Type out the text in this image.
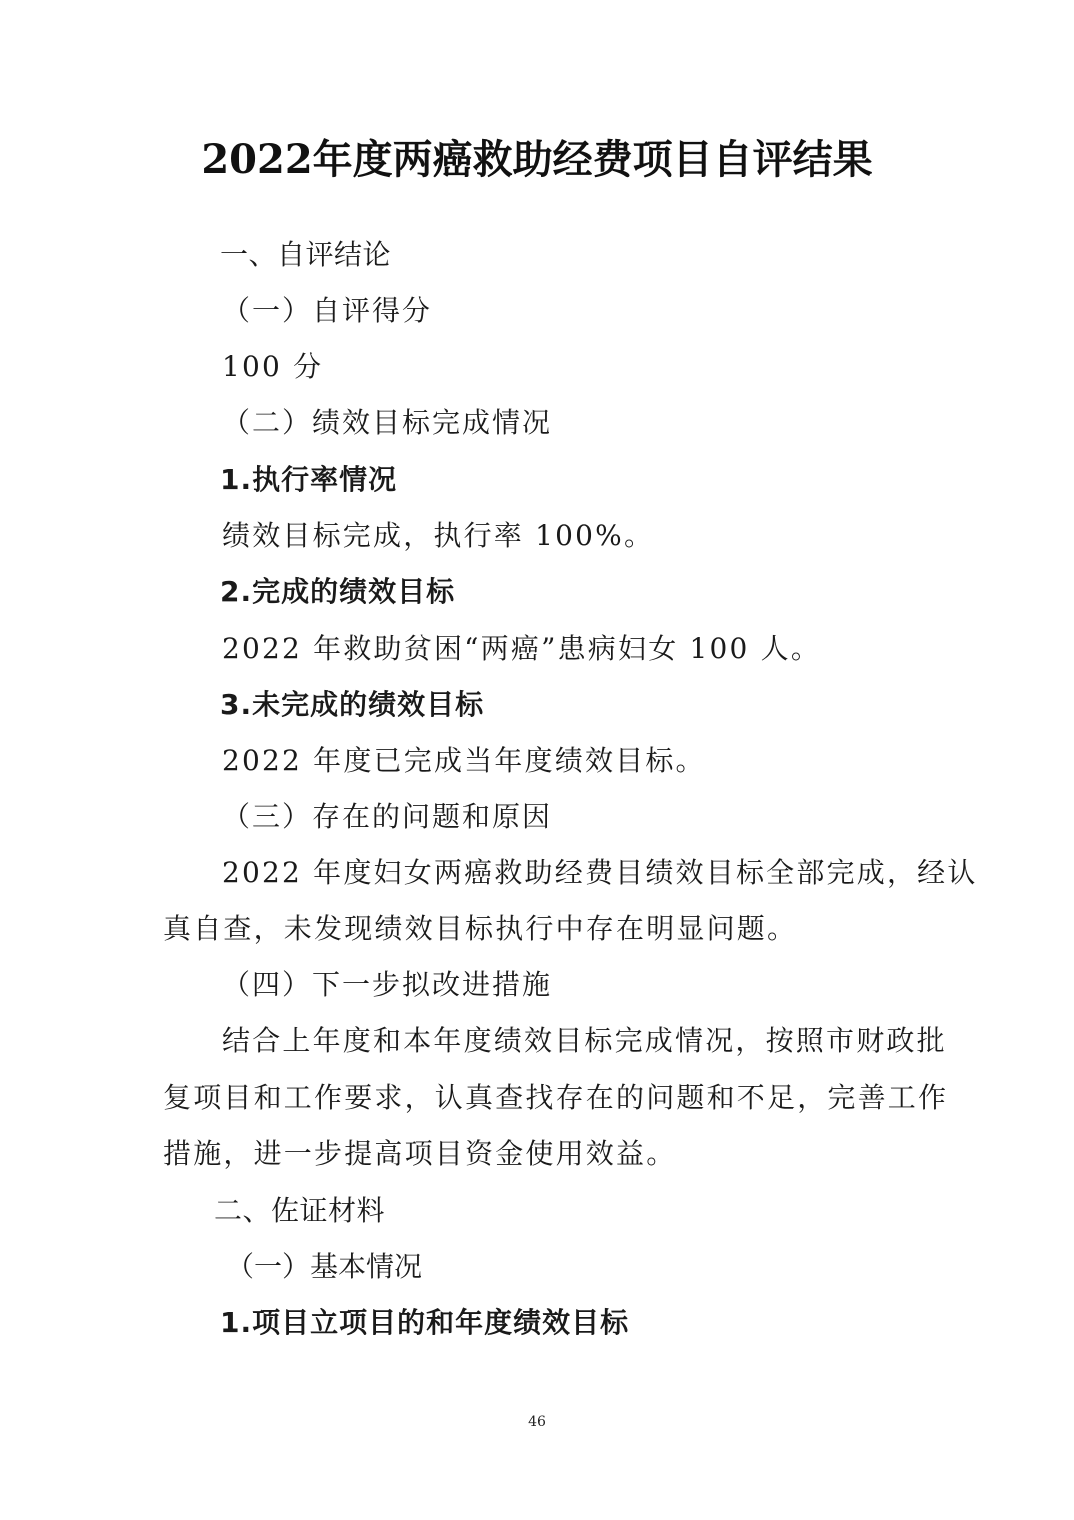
2022年度两癌救助经费项目自评结果
一、自评结论
（一）自评得分
100 分
（二）绩效目标完成情况
1.执行率情况
绩效目标完成，执行率 100%。
2.完成的绩效目标
2022 年救助贫困“两癌”患病妇女 100 人。
3.未完成的绩效目标
2022 年度已完成当年度绩效目标。
（三）存在的问题和原因
2022 年度妇女两癌救助经费目绩效目标全部完成，经认
真自查，未发现绩效目标执行中存在明显问题。
（四）下一步拟改进措施
结合上年度和本年度绩效目标完成情况，按照市财政批
复项目和工作要求，认真查找存在的问题和不足，完善工作
措施，进一步提高项目资金使用效益。
二、佐证材料
（一）基本情况
1.项目立项目的和年度绩效目标
46
